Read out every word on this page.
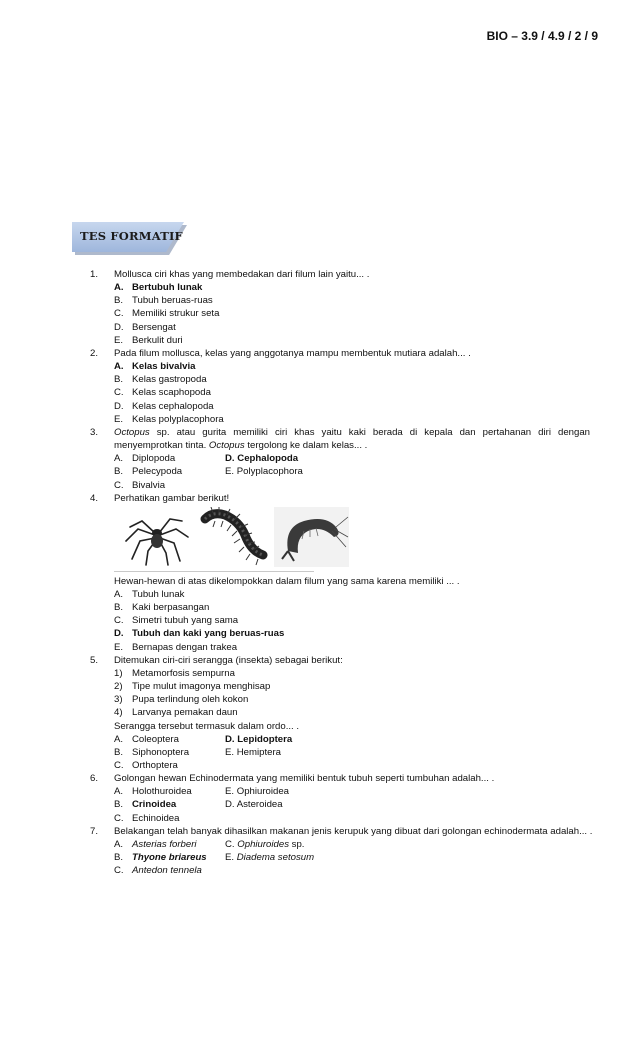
BIO – 3.9 / 4.9 / 2 / 9
TES FORMATIF
1. Mollusca ciri khas yang membedakan dari filum lain yaitu... .
A. Bertubuh lunak
B. Tubuh beruas-ruas
C. Memiliki strukur seta
D. Bersengat
E. Berkulit duri
2. Pada filum mollusca, kelas yang anggotanya mampu membentuk mutiara adalah... .
A. Kelas bivalvia
B. Kelas gastropoda
C. Kelas scaphopoda
D. Kelas cephalopoda
E. Kelas polyplacophora
3. Octopus sp. atau gurita memiliki ciri khas yaitu kaki berada di kepala dan pertahanan diri dengan menyemprotkan tinta. Octopus tergolong ke dalam kelas... .
A. Diplopoda	D. Cephalopoda
B. Pelecypoda	E. Polyplacophora
C. Bivalvia
4. Perhatikan gambar berikut!
Hewan-hewan di atas dikelompokkan dalam filum yang sama karena memiliki ... .
A. Tubuh lunak
B. Kaki berpasangan
C. Simetri tubuh yang sama
D. Tubuh dan kaki yang beruas-ruas
E. Bernapas dengan trakea
5. Ditemukan ciri-ciri serangga (insekta) sebagai berikut:
1) Metamorfosis sempurna
2) Tipe mulut imagonya menghisap
3) Pupa terlindung oleh kokon
4) Larvanya pemakan daun
Serangga tersebut termasuk dalam ordo... .
A. Coleoptera	D. Lepidoptera
B. Siphonoptera	E. Hemiptera
C. Orthoptera
6. Golongan hewan Echinodermata yang memiliki bentuk tubuh seperti tumbuhan adalah... .
A. Holothuroidea	E. Ophiuroidea
B. Crinoidea	D. Asteroidea
C. Echinoidea
7. Belakangan telah banyak dihasilkan makanan jenis kerupuk yang dibuat dari golongan echinodermata adalah... .
A. Asterias forberi	C. Ophiuroides sp.
B. Thyone briareus E. Diadema setosum
C. Antedon tennela
